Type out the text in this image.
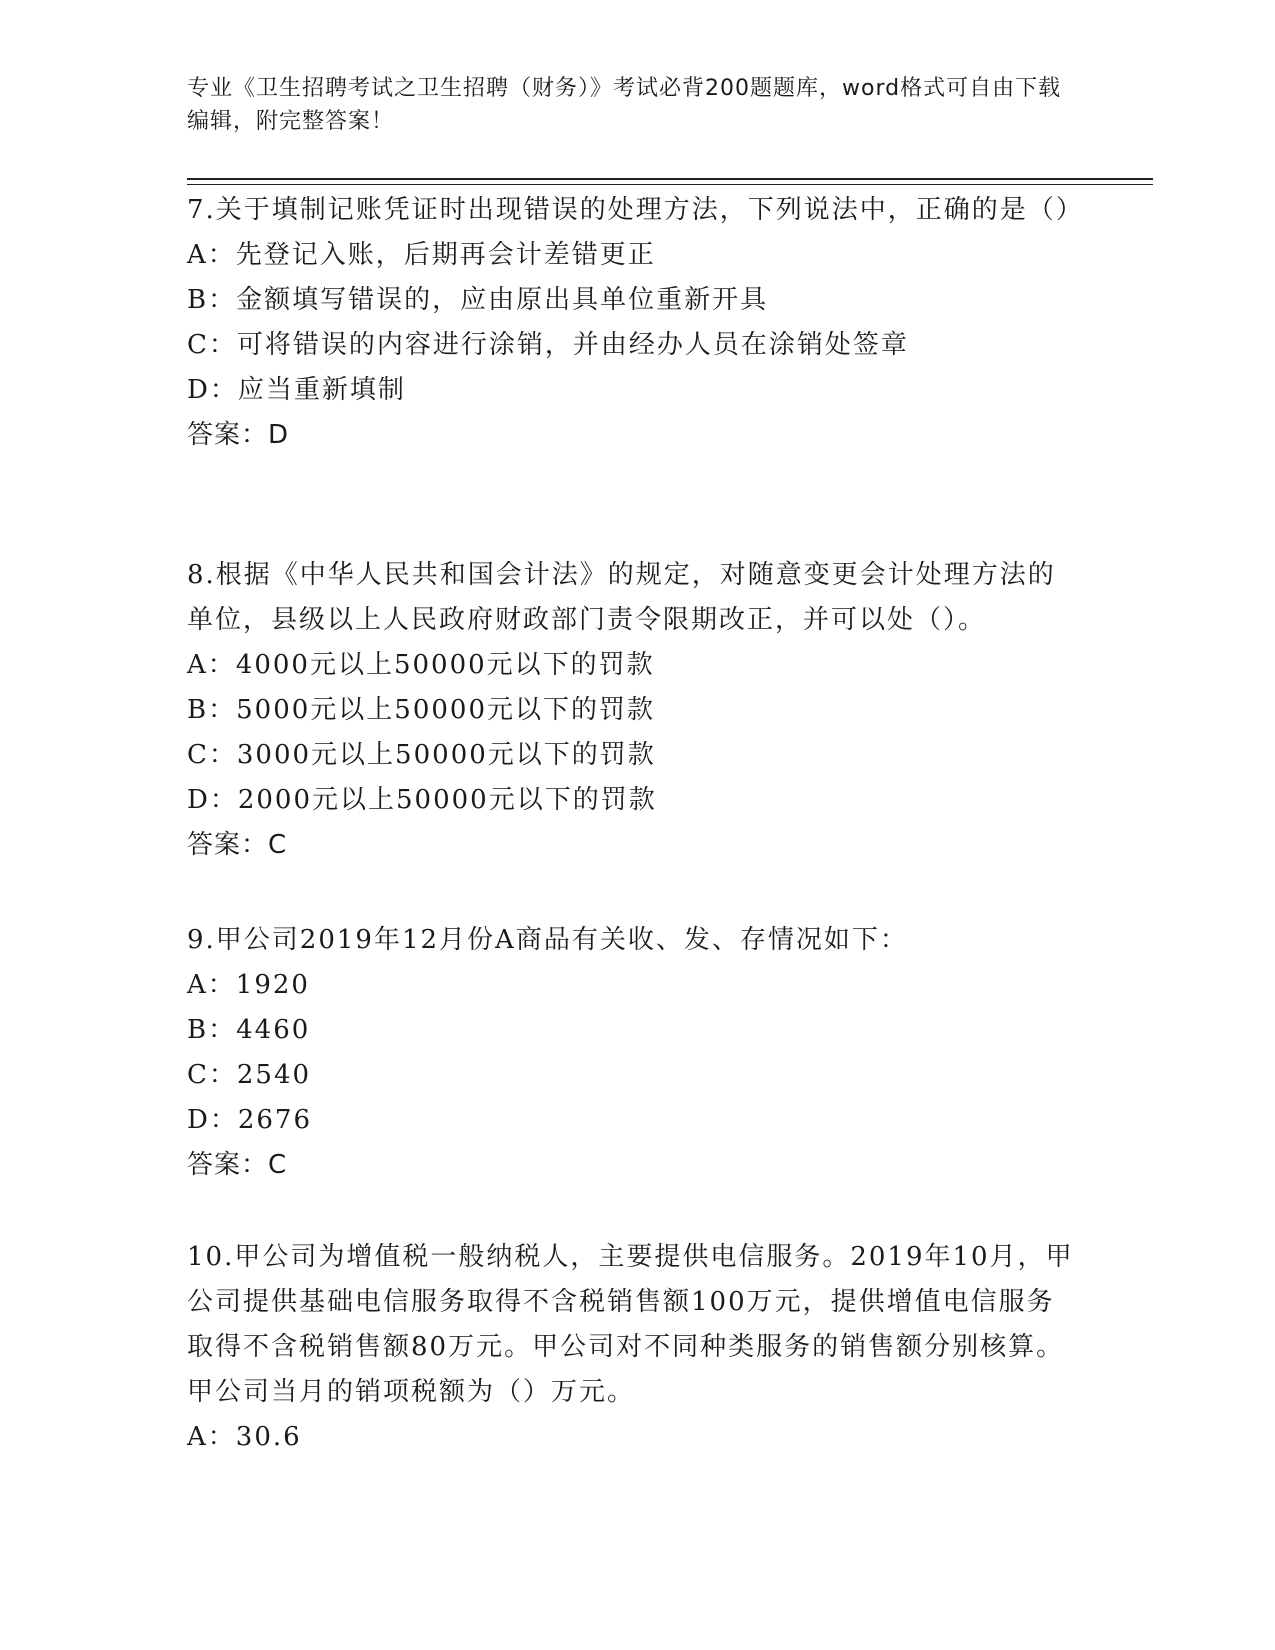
专业《卫生招聘考试之卫生招聘（财务）》考试必背200题题库，word格式可自由下载编辑，附完整答案！

7.关于填制记账凭证时出现错误的处理方法，下列说法中，正确的是（）

A：先登记入账，后期再会计差错更正

B：金额填写错误的，应由原出具单位重新开具

C：可将错误的内容进行涂销，并由经办人员在涂销处签章

D：应当重新填制

答案：D

8.根据《中华人民共和国会计法》的规定，对随意变更会计处理方法的单位，县级以上人民政府财政部门责令限期改正，并可以处（）。

A：4000元以上50000元以下的罚款

B：5000元以上50000元以下的罚款

C：3000元以上50000元以下的罚款

D：2000元以上50000元以下的罚款

答案：C

9.甲公司2019年12月份A商品有关收、发、存情况如下：

A：1920

B：4460

C：2540

D：2676

答案：C

10.甲公司为增值税一般纳税人，主要提供电信服务。2019年10月，甲公司提供基础电信服务取得不含税销售额100万元，提供增值电信服务取得不含税销售额80万元。甲公司对不同种类服务的销售额分别核算。甲公司当月的销项税额为（）万元。

A：30.6
